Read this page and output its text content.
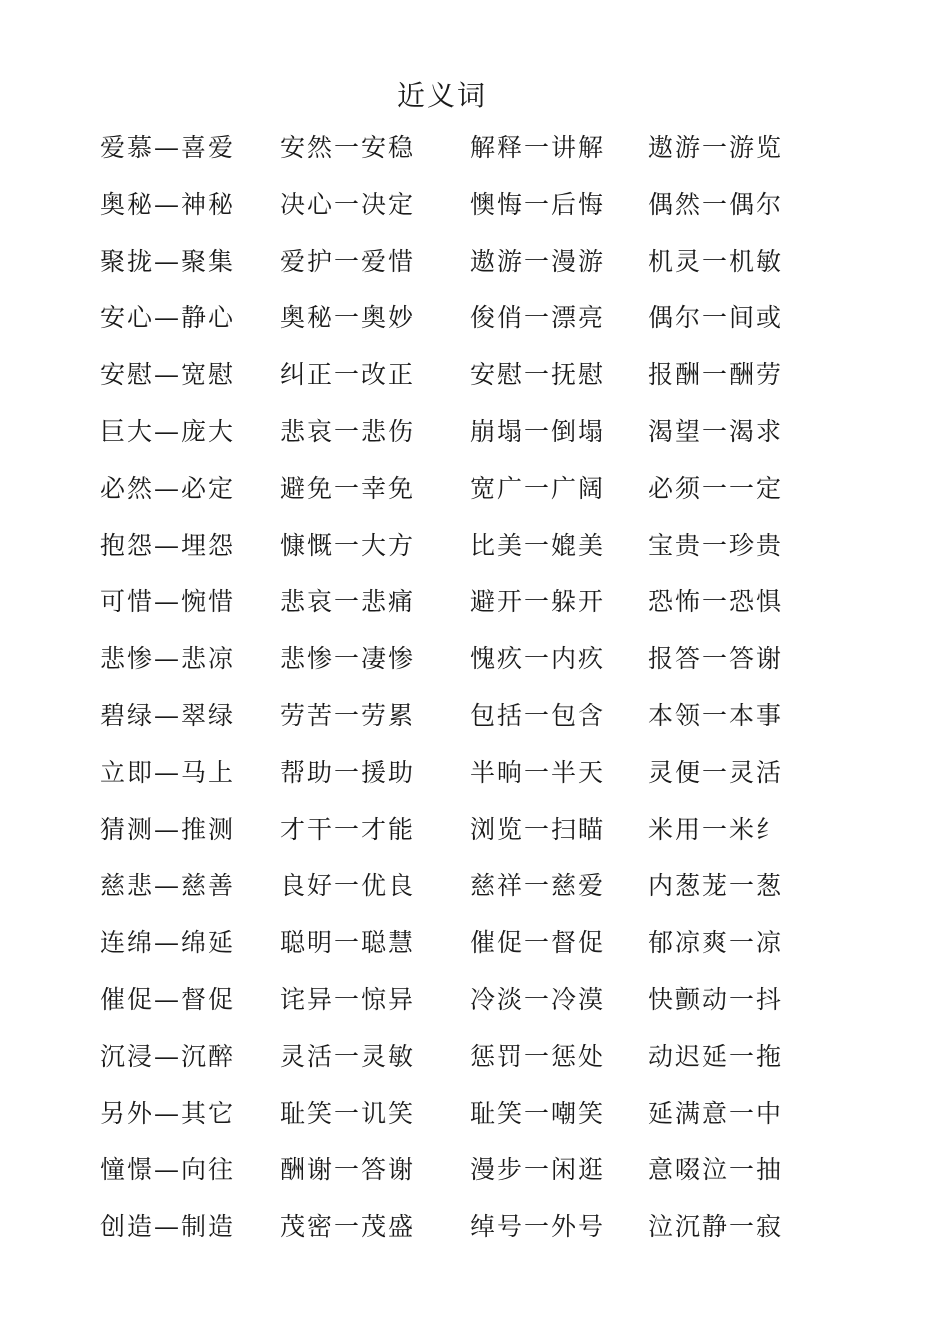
近义词
爱慕—喜爱 安然一安稳 解释一讲解 遨游一游览
奥秘—神秘 决心一决定 懊悔一后悔 偶然一偶尔
聚拢—聚集 爱护一爱惜 遨游一漫游 机灵一机敏
安心—静心 奥秘一奥妙 俊俏一漂亮 偶尔一间或
安慰—宽慰 纠正一改正 安慰一抚慰 报酬一酬劳
巨大—庞大 悲哀一悲伤 崩塌一倒塌 渴望一渴求
必然—必定 避免一幸免 宽广一广阔 必须一一定
抱怨—埋怨 慷慨一大方 比美一媲美 宝贵一珍贵
可惜—惋惜 悲哀一悲痛 避开一躲开 恐怖一恐惧
悲惨—悲凉 悲惨一凄惨 愧疚一内疚 报答一答谢
碧绿—翠绿 劳苦一劳累 包括一包含 本领一本事
立即—马上 帮助一援助 半晌一半天 灵便一灵活
猜测—推测 才干一才能 浏览一扫瞄 米用一米纟
慈悲—慈善 良好一优良 慈祥一慈爱 内葱茏一葱
连绵—绵延 聪明一聪慧 催促一督促 郁凉爽一凉
催促—督促 诧异一惊异 冷淡一冷漠 快颤动一抖
沉浸—沉醉 灵活一灵敏 惩罚一惩处 动迟延一拖
另外—其它 耻笑一讥笑 耻笑一嘲笑 延满意一中
憧憬—向往 酬谢一答谢 漫步一闲逛 意啜泣一抽
创造—制造 茂密一茂盛 绰号一外号 泣沉静一寂
